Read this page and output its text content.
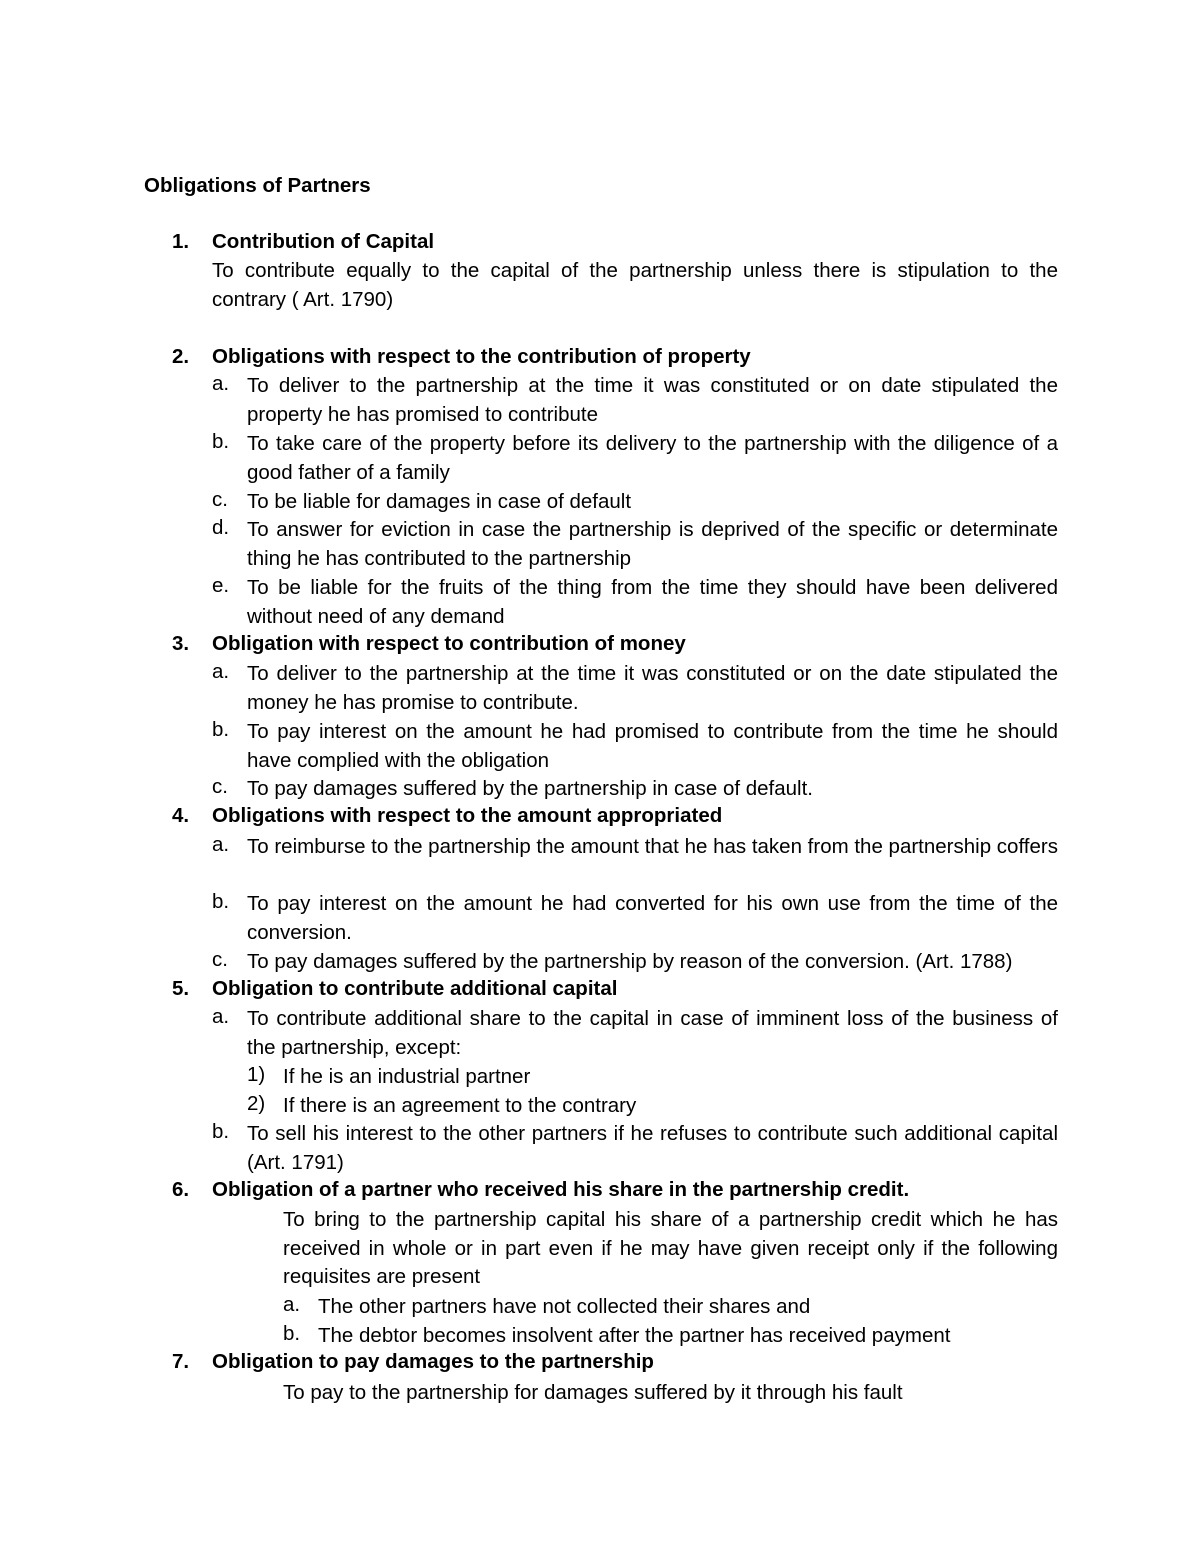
Obligations of Partners
1. Contribution of Capital
To contribute equally to the capital of the partnership unless there is stipulation to the contrary ( Art. 1790)
2. Obligations with respect to the contribution of property
a. To deliver to the partnership at the time it was constituted or on date stipulated the property he has promised to contribute
b. To take care of the property before its delivery to the partnership with the diligence of a good father of a family
c. To be liable for damages in case of default
d. To answer for eviction in case the partnership is deprived of the specific or determinate thing he has contributed to the partnership
e. To be liable for the fruits of the thing from the time they should have been delivered without need of any demand
3. Obligation with respect to contribution of money
a. To deliver to the partnership at the time it was constituted or on the date stipulated the money he has promise to contribute.
b. To pay interest on the amount he had promised to contribute from the time he should have complied with the obligation
c. To pay damages suffered by the partnership in case of default.
4. Obligations with respect to the amount appropriated
a. To reimburse to the partnership the amount that he has taken from the partnership coffers
b. To pay interest on the amount he had converted for his own use from the time of the conversion.
c. To pay damages suffered by the partnership by reason of the conversion. (Art. 1788)
5. Obligation to contribute additional capital
a. To contribute additional share to the capital in case of imminent loss of the business of the partnership, except:
1) If he is an industrial partner
2) If there is an agreement to the contrary
b. To sell his interest to the other partners if he refuses to contribute such additional capital (Art. 1791)
6. Obligation of a partner who received his share in the partnership credit.
To bring to the partnership capital his share of a partnership credit which he has received in whole or in part even if he may have given receipt only if the following requisites are present
a. The other partners have not collected their shares and
b. The debtor becomes insolvent after the partner has received payment
7. Obligation to pay damages to the partnership
To pay to the partnership for damages suffered by it through his fault
